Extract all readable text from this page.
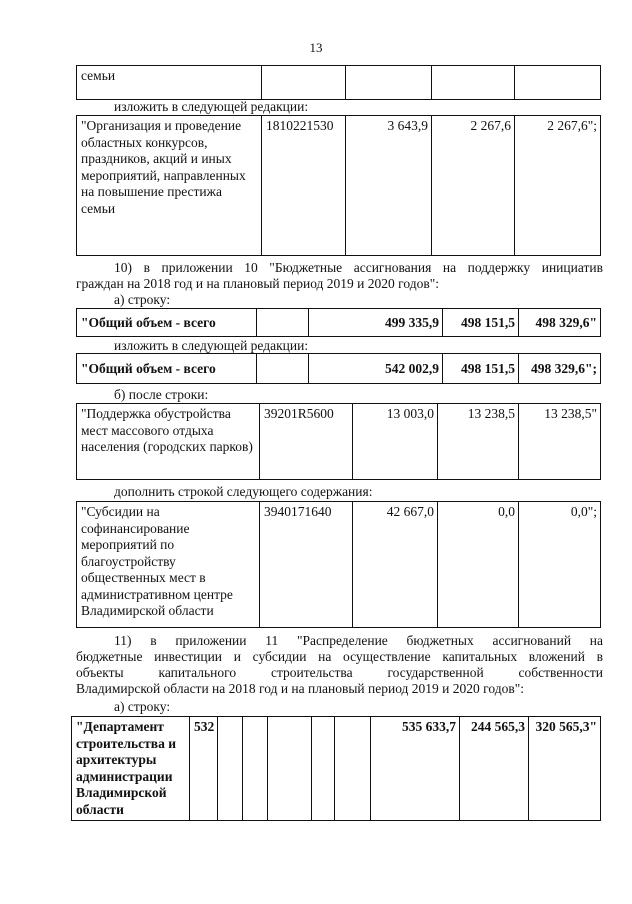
13
семьи				
изложить в следующей редакции:
"Организация и проведение областных конкурсов, праздников, акций и иных мероприятий, направленных на повышение престижа семьи	1810221530	3 643,9	2 267,6	2 267,6";
10) в приложении 10 "Бюджетные ассигнования на поддержку инициатив
граждан на 2018 год и на плановый период 2019 и 2020 годов":
а) строку:
"Общий объем - всего		499 335,9	498 151,5	498 329,6"
изложить в следующей редакции:
"Общий объем - всего		542 002,9	498 151,5	498 329,6";
б) после строки:
"Поддержка обустройства мест массового отдыха населения (городских парков)	39201R5600	13 003,0	13 238,5	13 238,5"
дополнить строкой следующего содержания:
"Субсидии на софинансирование мероприятий по благоустройству общественных мест в административном центре Владимирской области	3940171640	42 667,0	0,0	0,0";
11) в приложении 11 "Распределение бюджетных ассигнований на
бюджетные инвестиции и субсидии на осуществление капитальных вложений в
объекты капитального строительства государственной собственности
Владимирской области на 2018 год и на плановый период 2019 и 2020 годов":
а) строку:
"Департамент строительства и архитектуры администрации Владимирской области	532						535 633,7	244 565,3	320 565,3"
